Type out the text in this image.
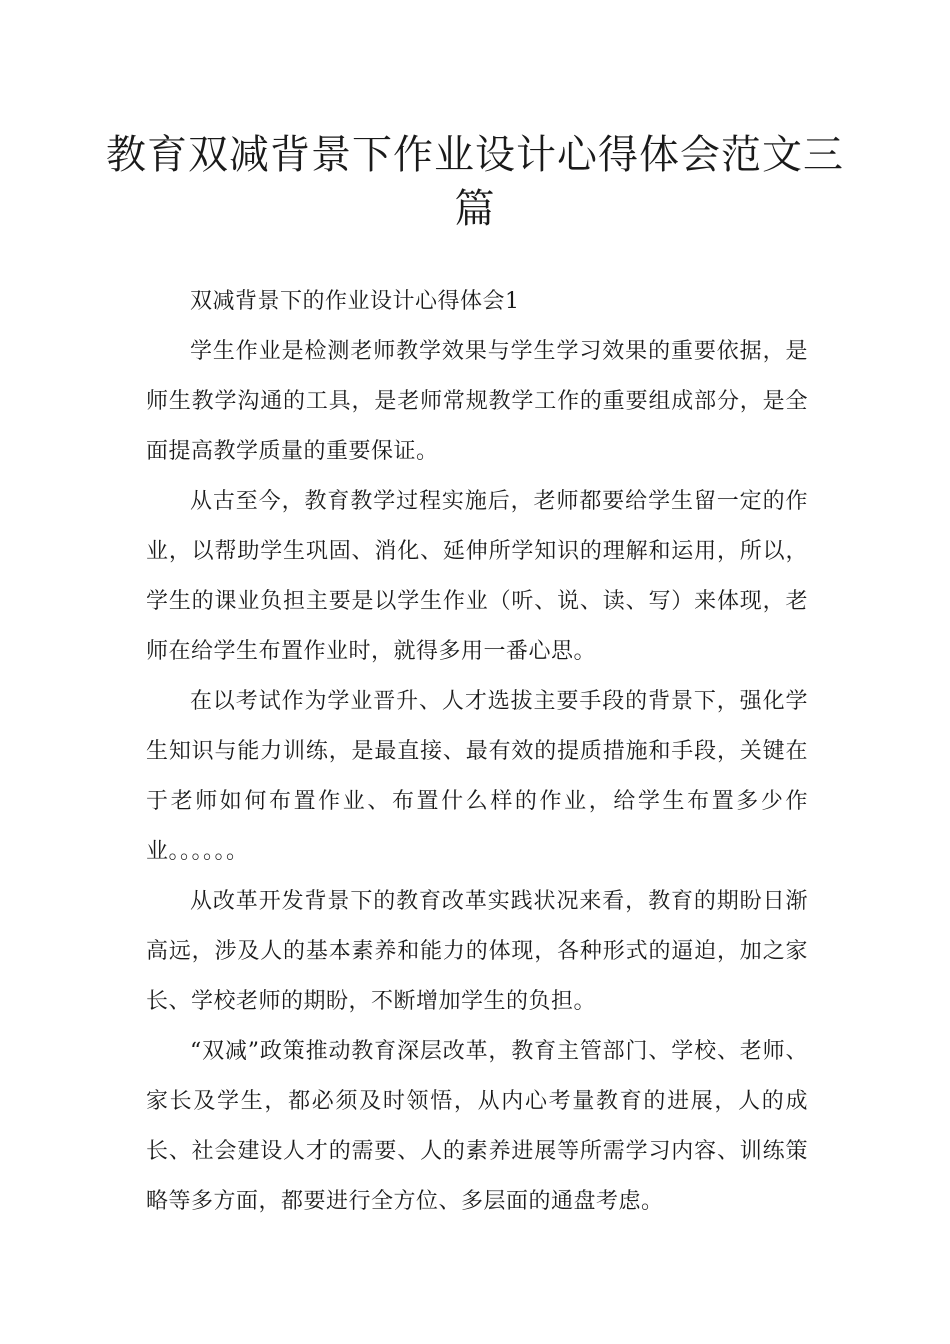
教育双减背景下作业设计心得体会范文三篇

双减背景下的作业设计心得体会1

学生作业是检测老师教学效果与学生学习效果的重要依据，是师生教学沟通的工具，是老师常规教学工作的重要组成部分，是全面提高教学质量的重要保证。

从古至今，教育教学过程实施后，老师都要给学生留一定的作业，以帮助学生巩固、消化、延伸所学知识的理解和运用，所以，学生的课业负担主要是以学生作业（听、说、读、写）来体现，老师在给学生布置作业时，就得多用一番心思。

在以考试作为学业晋升、人才选拔主要手段的背景下，强化学生知识与能力训练，是最直接、最有效的提质措施和手段，关键在于老师如何布置作业、布置什么样的作业，给学生布置多少作业。。。。。。

从改革开发背景下的教育改革实践状况来看，教育的期盼日渐高远，涉及人的基本素养和能力的体现，各种形式的逼迫，加之家长、学校老师的期盼，不断增加学生的负担。

“双减”政策推动教育深层改革，教育主管部门、学校、老师、家长及学生，都必须及时领悟，从内心考量教育的进展，人的成长、社会建设人才的需要、人的素养进展等所需学习内容、训练策略等多方面，都要进行全方位、多层面的通盘考虑。
